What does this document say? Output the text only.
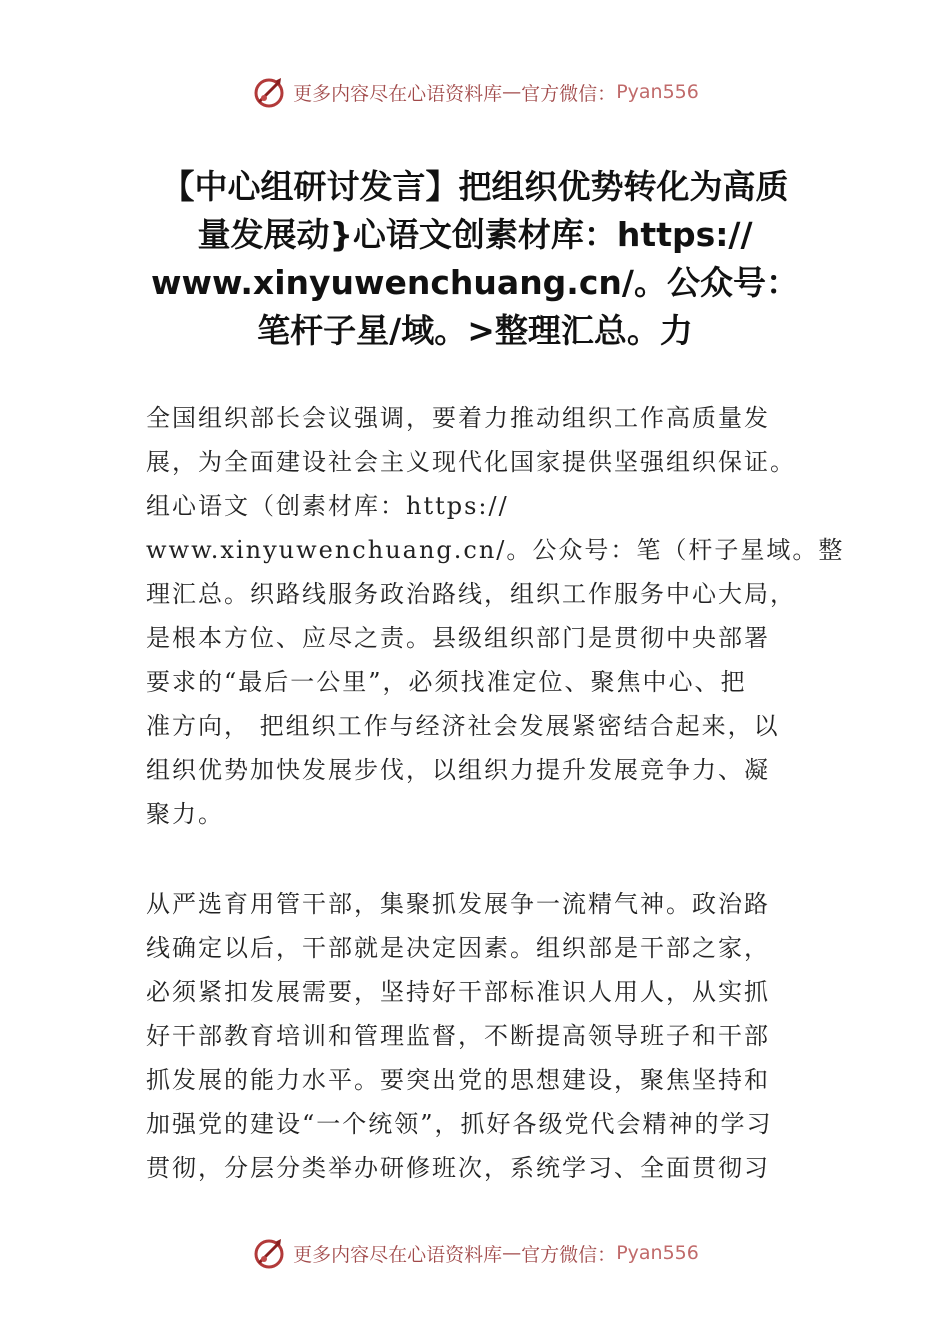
更多内容尽在心语资料库 — 官方微信： Pyan556
【中心组研讨发言】把组织优势转化为高质
量发展动}心语文创素材库：https://
www.xinyuwenchuang.cn/。公众号：
笔杆子星/域。>整理汇总。力
全国组织部长会议强调，要着力推动组织工作高质量发
展，为全面建设社会主义现代化国家提供坚强组织保证。
组心语文（创素材库：https://
www.xinyuwenchuang.cn/。公众号：笔（杆子星域。整
理汇总。织路线服务政治路线，组织工作服务中心大局，
是根本方位、应尽之责。县级组织部门是贯彻中央部署
要求的“最后一公里”，必须找准定位、聚焦中心、把
准方向， 把组织工作与经济社会发展紧密结合起来，以
组织优势加快发展步伐，以组织力提升发展竞争力、凝
聚力。
从严选育用管干部，集聚抓发展争一流精气神。政治路
线确定以后，干部就是决定因素。组织部是干部之家，
必须紧扣发展需要，坚持好干部标准识人用人，从实抓
好干部教育培训和管理监督，不断提高领导班子和干部
抓发展的能力水平。要突出党的思想建设，聚焦坚持和
加强党的建设“一个统领”，抓好各级党代会精神的学习
贯彻，分层分类举办研修班次，系统学习、全面贯彻习
更多内容尽在心语资料库 — 官方微信： Pyan556
